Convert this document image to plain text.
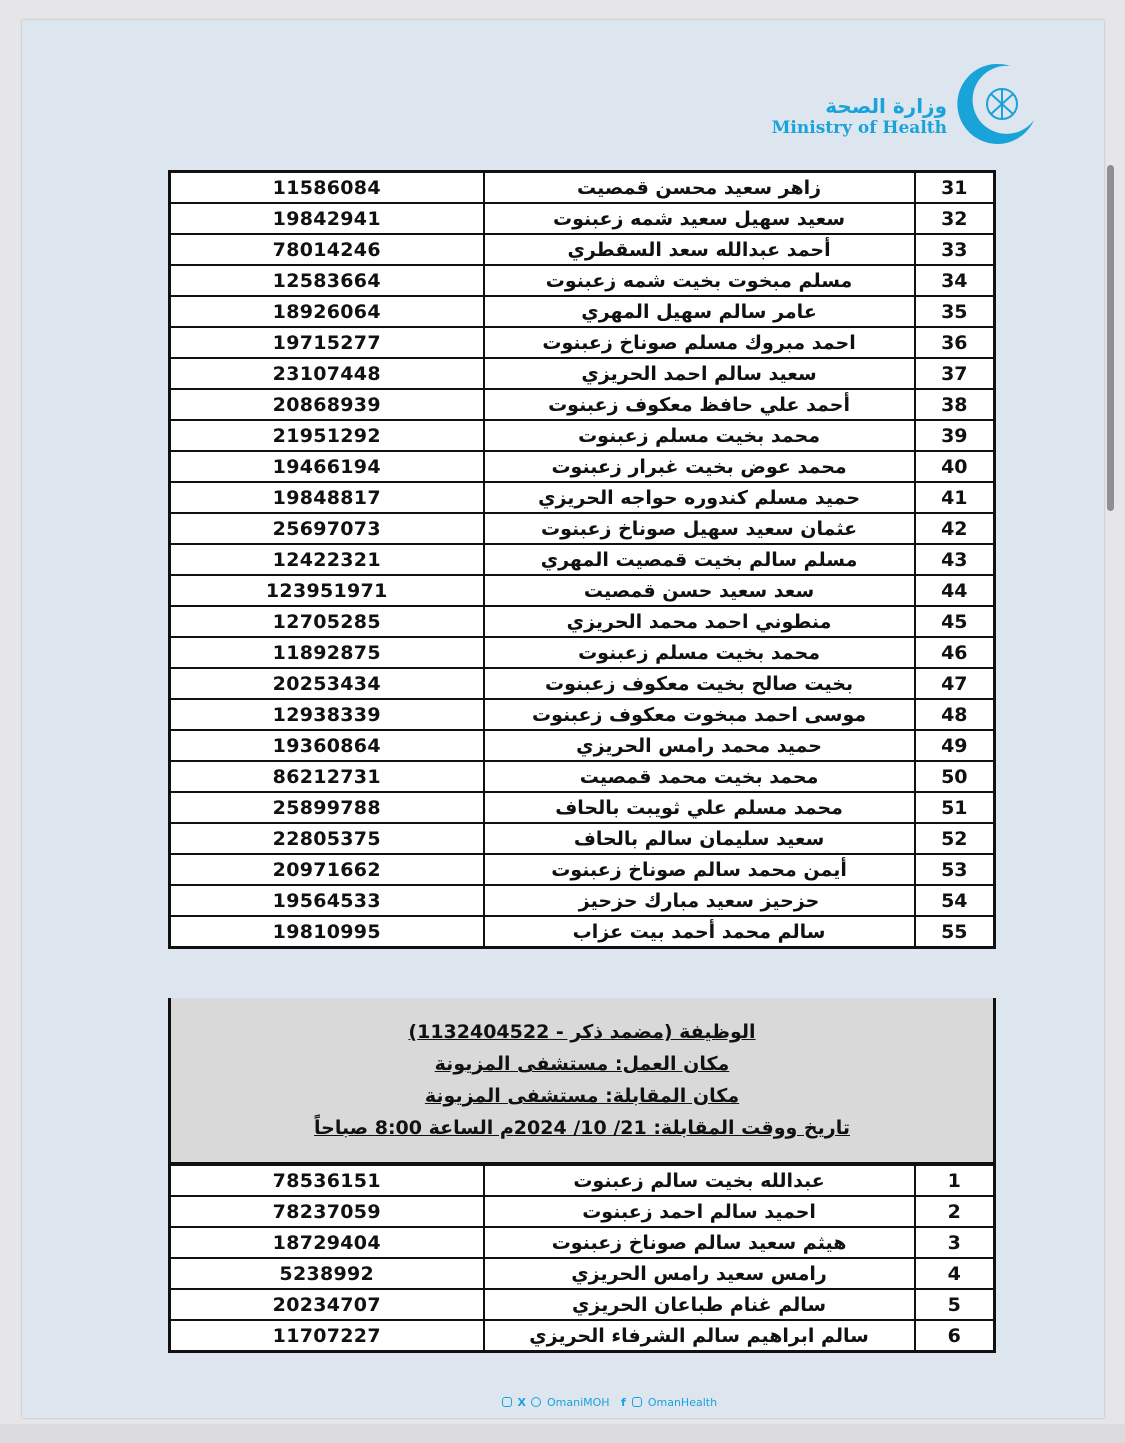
وزارة الصحة
Ministry of Health
X OmaniMOH f OmanHealth
11586084	زاهر سعيد محسن قمصيت	31
19842941	سعيد سهيل سعيد شمه زعبنوت	32
78014246	أحمد عبدالله سعد السقطري	33
12583664	مسلم مبخوت بخيت شمه زعبنوت	34
18926064	عامر سالم سهيل المهري	35
19715277	احمد مبروك مسلم صوناخ زعبنوت	36
23107448	سعيد سالم احمد الحريزي	37
20868939	أحمد علي حافظ معكوف زعبنوت	38
21951292	محمد بخيت مسلم زعبنوت	39
19466194	محمد عوض بخيت غبرار زعبنوت	40
19848817	حميد مسلم كندوره حواجه الحريزي	41
25697073	عثمان سعيد سهيل صوناخ زعبنوت	42
12422321	مسلم سالم بخيت قمصيت المهري	43
123951971	سعد سعيد حسن قمصيت	44
12705285	منطوني احمد محمد الحريزي	45
11892875	محمد بخيت مسلم زعبنوت	46
20253434	بخيت صالح بخيت معكوف زعبنوت	47
12938339	موسى احمد مبخوت معكوف زعبنوت	48
19360864	حميد محمد رامس الحريزي	49
86212731	محمد بخيت محمد قمصيت	50
25899788	محمد مسلم علي ثويبت بالحاف	51
22805375	سعيد سليمان سالم بالحاف	52
20971662	أيمن محمد سالم صوناخ زعبنوت	53
19564533	حزحيز سعيد مبارك حزحيز	54
19810995	سالم محمد أحمد بيت عزاب	55
الوظيفة (مضمد ذكر - 1132404522)
مكان العمل: مستشفى المزيونة
مكان المقابلة: مستشفى المزيونة
تاريخ ووقت المقابلة: 21/ 10/ 2024م الساعة 8:00 صباحاً
78536151	عبدالله بخيت سالم زعبنوت	1
78237059	احميد سالم احمد زعبنوت	2
18729404	هيثم سعيد سالم صوناخ زعبنوت	3
5238992	رامس سعيد رامس الحريزي	4
20234707	سالم غنام طباعان الحريزي	5
11707227	سالم ابراهيم سالم الشرفاء الحريزي	6
